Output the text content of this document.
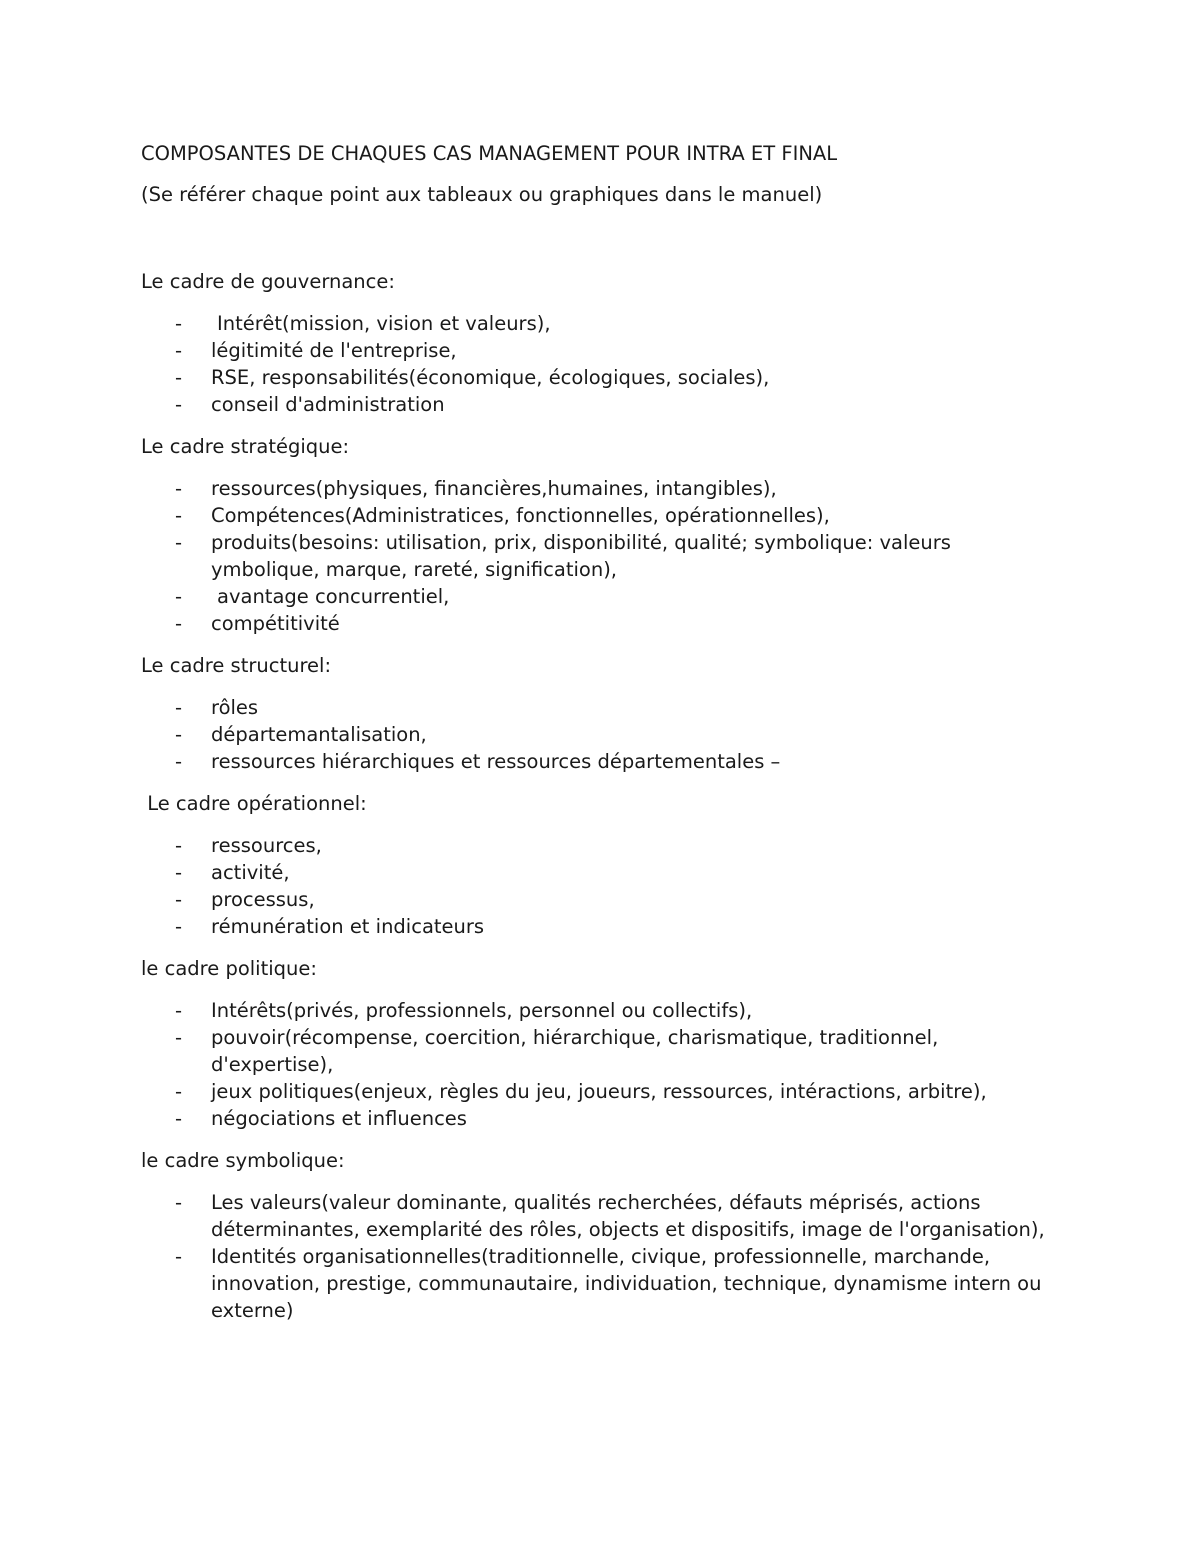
COMPOSANTES DE CHAQUES CAS MANAGEMENT POUR INTRA ET FINAL

(Se référer chaque point aux tableaux ou graphiques dans le manuel)

Le cadre de gouvernance:

- Intérêt(mission, vision et valeurs),
- légitimité de l'entreprise,
- RSE, responsabilités(économique, écologiques, sociales),
- conseil d'administration

Le cadre stratégique:

- ressources(physiques, financières,humaines, intangibles),
- Compétences(Administratices, fonctionnelles, opérationnelles),
- produits(besoins: utilisation, prix, disponibilité, qualité; symbolique: valeurs ymbolique, marque, rareté, signification),
- avantage concurrentiel,
- compétitivité

Le cadre structurel:

- rôles
- départemantalisation,
- ressources hiérarchiques et ressources départementales –

Le cadre opérationnel:

- ressources,
- activité,
- processus,
- rémunération et indicateurs

le cadre politique:

- Intérêts(privés, professionnels, personnel ou collectifs),
- pouvoir(récompense, coercition, hiérarchique, charismatique, traditionnel, d'expertise),
- jeux politiques(enjeux, règles du jeu, joueurs, ressources, intéractions, arbitre),
- négociations et influences

le cadre symbolique:

- Les valeurs(valeur dominante, qualités recherchées, défauts méprisés, actions déterminantes, exemplarité des rôles, objects et dispositifs, image de l'organisation),
- Identités organisationnelles(traditionnelle, civique, professionnelle, marchande, innovation, prestige, communautaire, individuation, technique, dynamisme intern ou externe)
